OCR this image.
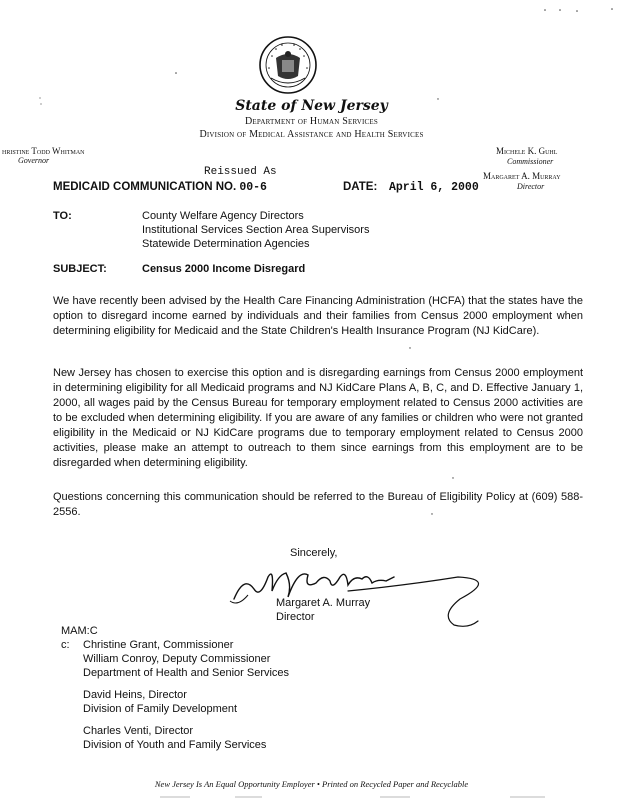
State of New Jersey
Department of Human Services
Division of Medical Assistance and Health Services
hristine Todd Whitman
Governor
Michele K. Guhl
Commissioner
Margaret A. Murray
Director
Reissued As
MEDICAID COMMUNICATION NO. 00-6	DATE: April 6, 2000
TO:	County Welfare Agency Directors
Institutional Services Section Area Supervisors
Statewide Determination Agencies
SUBJECT:	Census 2000 Income Disregard

We have recently been advised by the Health Care Financing Administration (HCFA) that the states have the option to disregard income earned by individuals and their families from Census 2000 employment when determining eligibility for Medicaid and the State Children's Health Insurance Program (NJ KidCare).

New Jersey has chosen to exercise this option and is disregarding earnings from Census 2000 employment in determining eligibility for all Medicaid programs and NJ KidCare Plans A, B, C, and D. Effective January 1, 2000, all wages paid by the Census Bureau for temporary employment related to Census 2000 activities are to be excluded when determining eligibility. If you are aware of any families or children who were not granted eligibility in the Medicaid or NJ KidCare programs due to temporary employment related to Census 2000 activities, please make an attempt to outreach to them since earnings from this employment are to be disregarded when determining eligibility.

Questions concerning this communication should be referred to the Bureau of Eligibility Policy at (609) 588-2556.

Sincerely,
Margaret A. Murray
Director
MAM:C
c: Christine Grant, Commissioner
William Conroy, Deputy Commissioner
Department of Health and Senior Services
David Heins, Director
Division of Family Development
Charles Venti, Director
Division of Youth and Family Services
New Jersey Is An Equal Opportunity Employer • Printed on Recycled Paper and Recyclable
